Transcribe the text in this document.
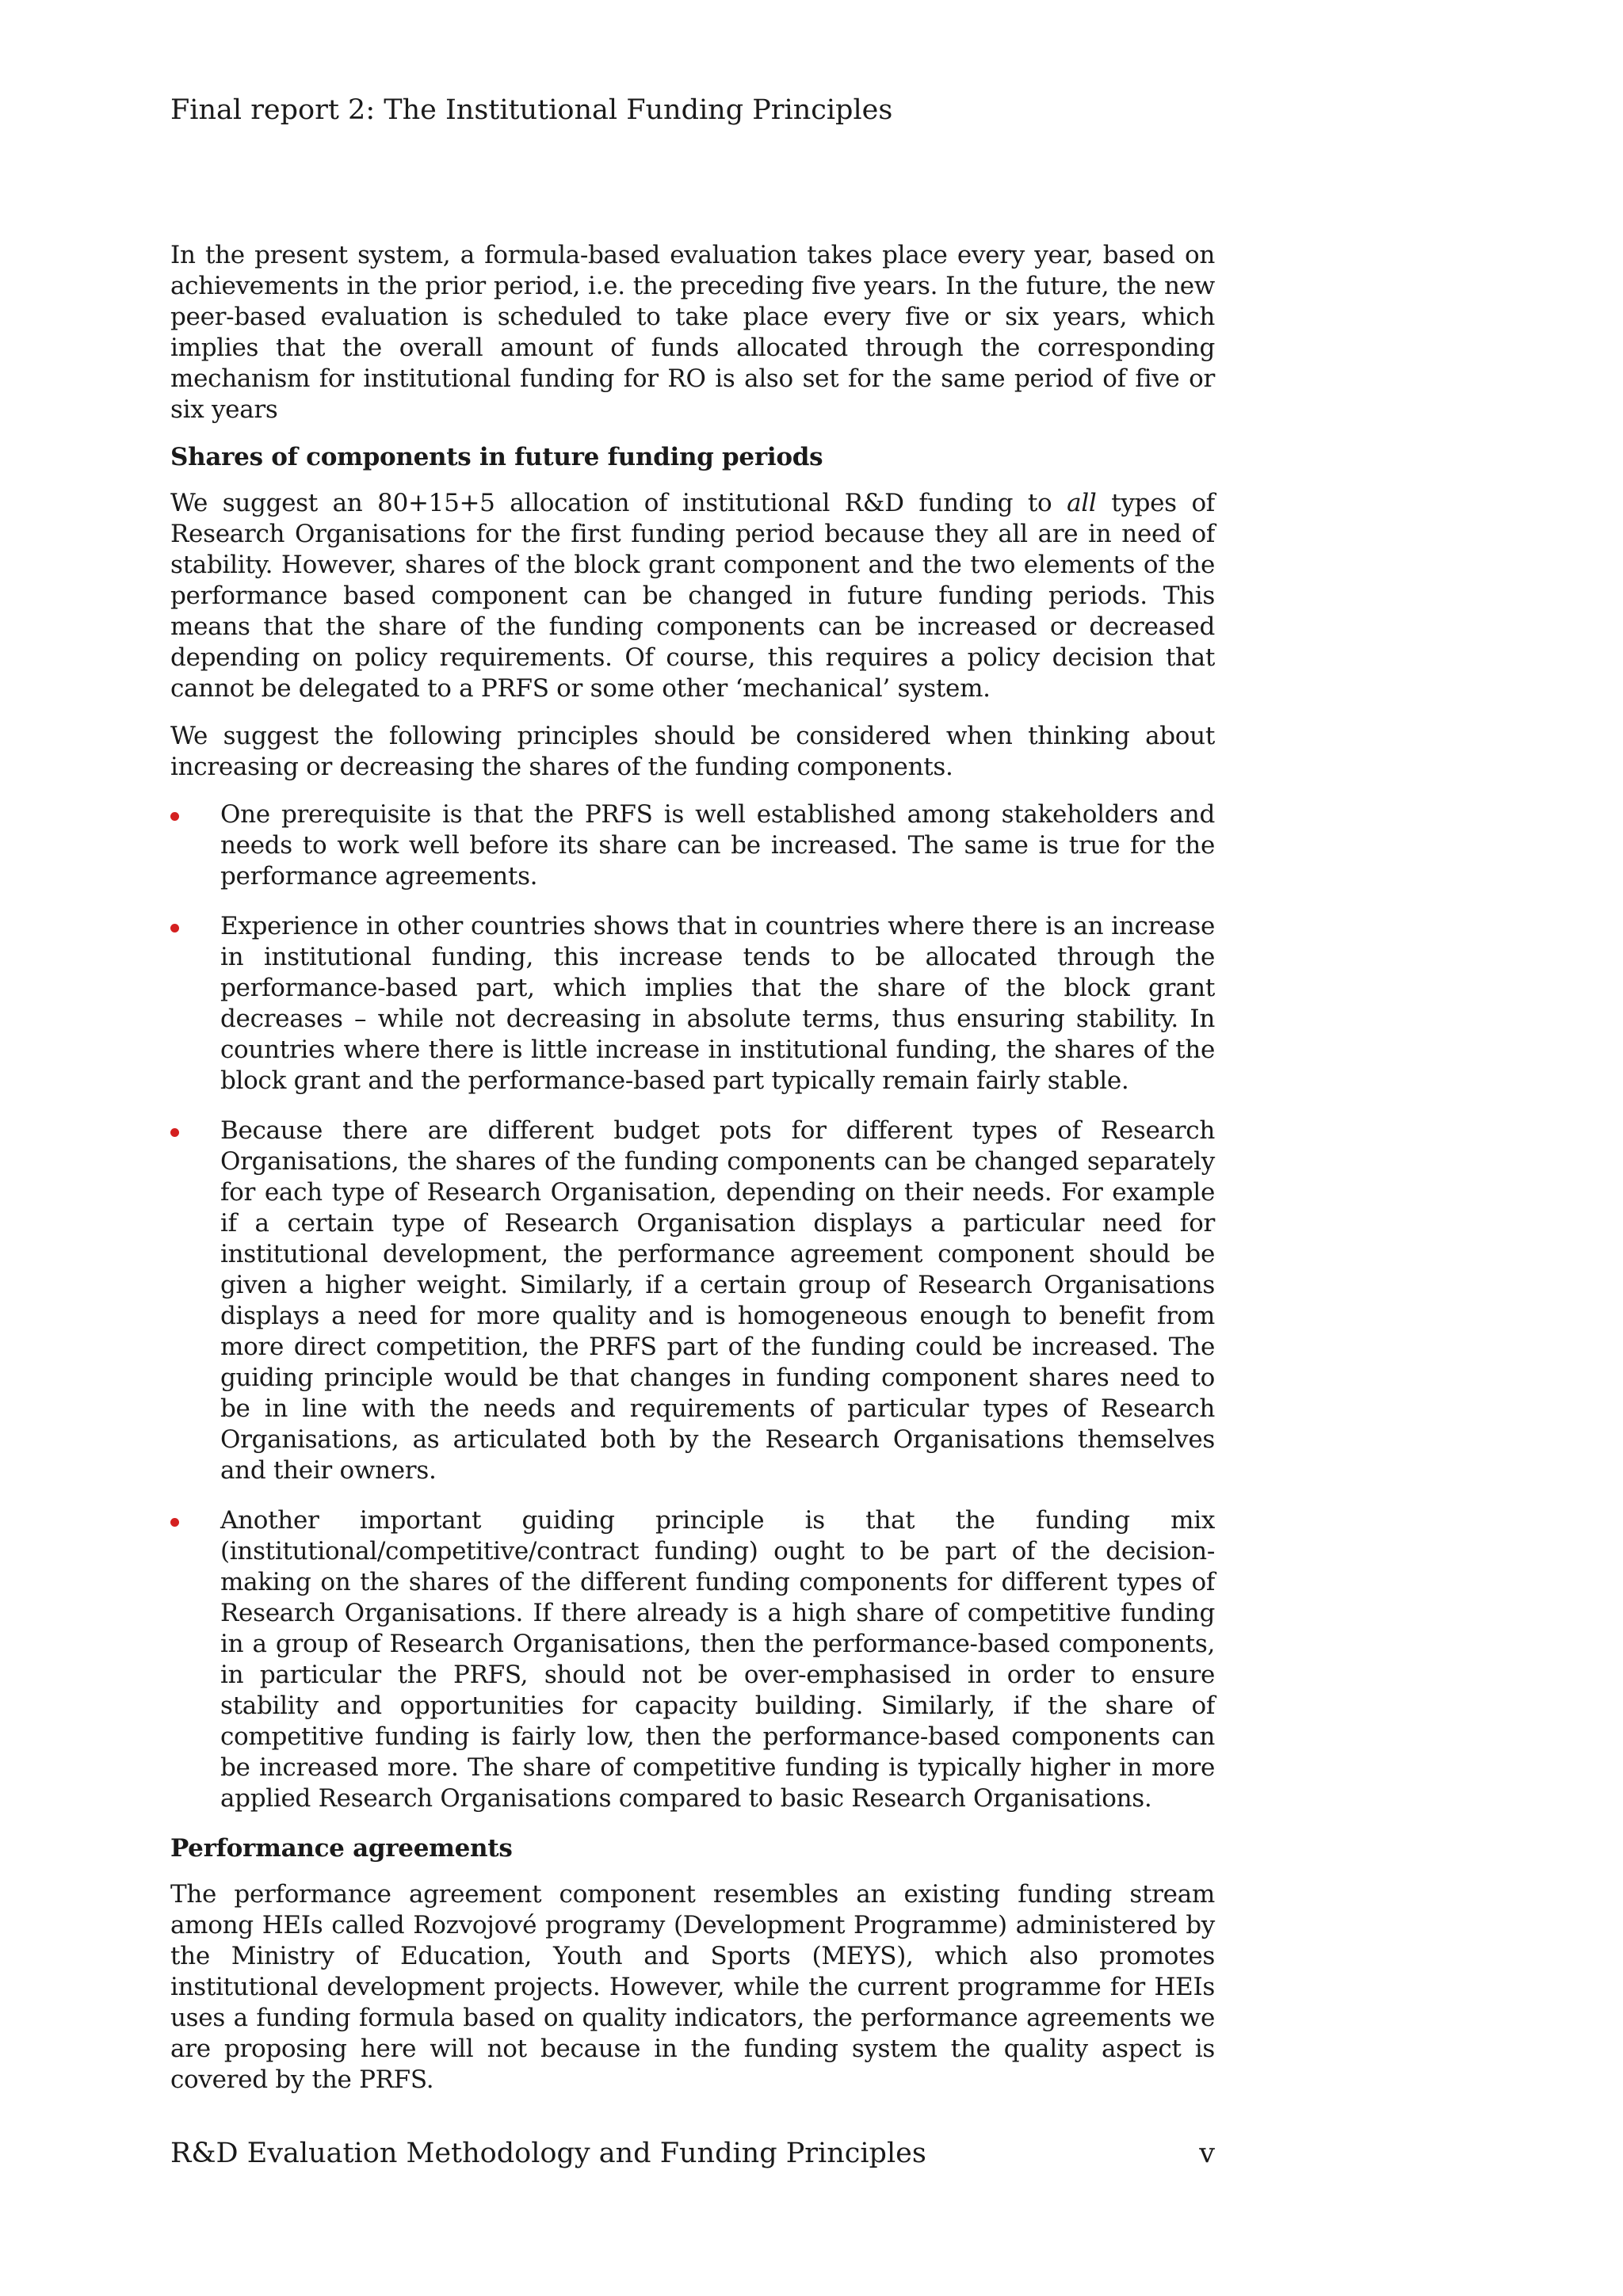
Final report 2: The Institutional Funding Principles

In the present system, a formula-based evaluation takes place every year, based on achievements in the prior period, i.e. the preceding five years. In the future, the new peer-based evaluation is scheduled to take place every five or six years, which implies that the overall amount of funds allocated through the corresponding mechanism for institutional funding for RO is also set for the same period of five or six years

Shares of components in future funding periods

We suggest an 80+15+5 allocation of institutional R&D funding to all types of Research Organisations for the first funding period because they all are in need of stability. However, shares of the block grant component and the two elements of the performance based component can be changed in future funding periods. This means that the share of the funding components can be increased or decreased depending on policy requirements. Of course, this requires a policy decision that cannot be delegated to a PRFS or some other ‘mechanical’ system.

We suggest the following principles should be considered when thinking about increasing or decreasing the shares of the funding components.

One prerequisite is that the PRFS is well established among stakeholders and needs to work well before its share can be increased. The same is true for the performance agreements.
Experience in other countries shows that in countries where there is an increase in institutional funding, this increase tends to be allocated through the performance-based part, which implies that the share of the block grant decreases – while not decreasing in absolute terms, thus ensuring stability. In countries where there is little increase in institutional funding, the shares of the block grant and the performance-based part typically remain fairly stable.
Because there are different budget pots for different types of Research Organisations, the shares of the funding components can be changed separately for each type of Research Organisation, depending on their needs. For example if a certain type of Research Organisation displays a particular need for institutional development, the performance agreement component should be given a higher weight. Similarly, if a certain group of Research Organisations displays a need for more quality and is homogeneous enough to benefit from more direct competition, the PRFS part of the funding could be increased. The guiding principle would be that changes in funding component shares need to be in line with the needs and requirements of particular types of Research Organisations, as articulated both by the Research Organisations themselves and their owners.
Another important guiding principle is that the funding mix (institutional/competitive/contract funding) ought to be part of the decision-making on the shares of the different funding components for different types of Research Organisations. If there already is a high share of competitive funding in a group of Research Organisations, then the performance-based components, in particular the PRFS, should not be over-emphasised in order to ensure stability and opportunities for capacity building. Similarly, if the share of competitive funding is fairly low, then the performance-based components can be increased more. The share of competitive funding is typically higher in more applied Research Organisations compared to basic Research Organisations.
Performance agreements

The performance agreement component resembles an existing funding stream among HEIs called Rozvojové programy (Development Programme) administered by the Ministry of Education, Youth and Sports (MEYS), which also promotes institutional development projects. However, while the current programme for HEIs uses a funding formula based on quality indicators, the performance agreements we are proposing here will not because in the funding system the quality aspect is covered by the PRFS.

R&D Evaluation Methodology and Funding Principles	v
